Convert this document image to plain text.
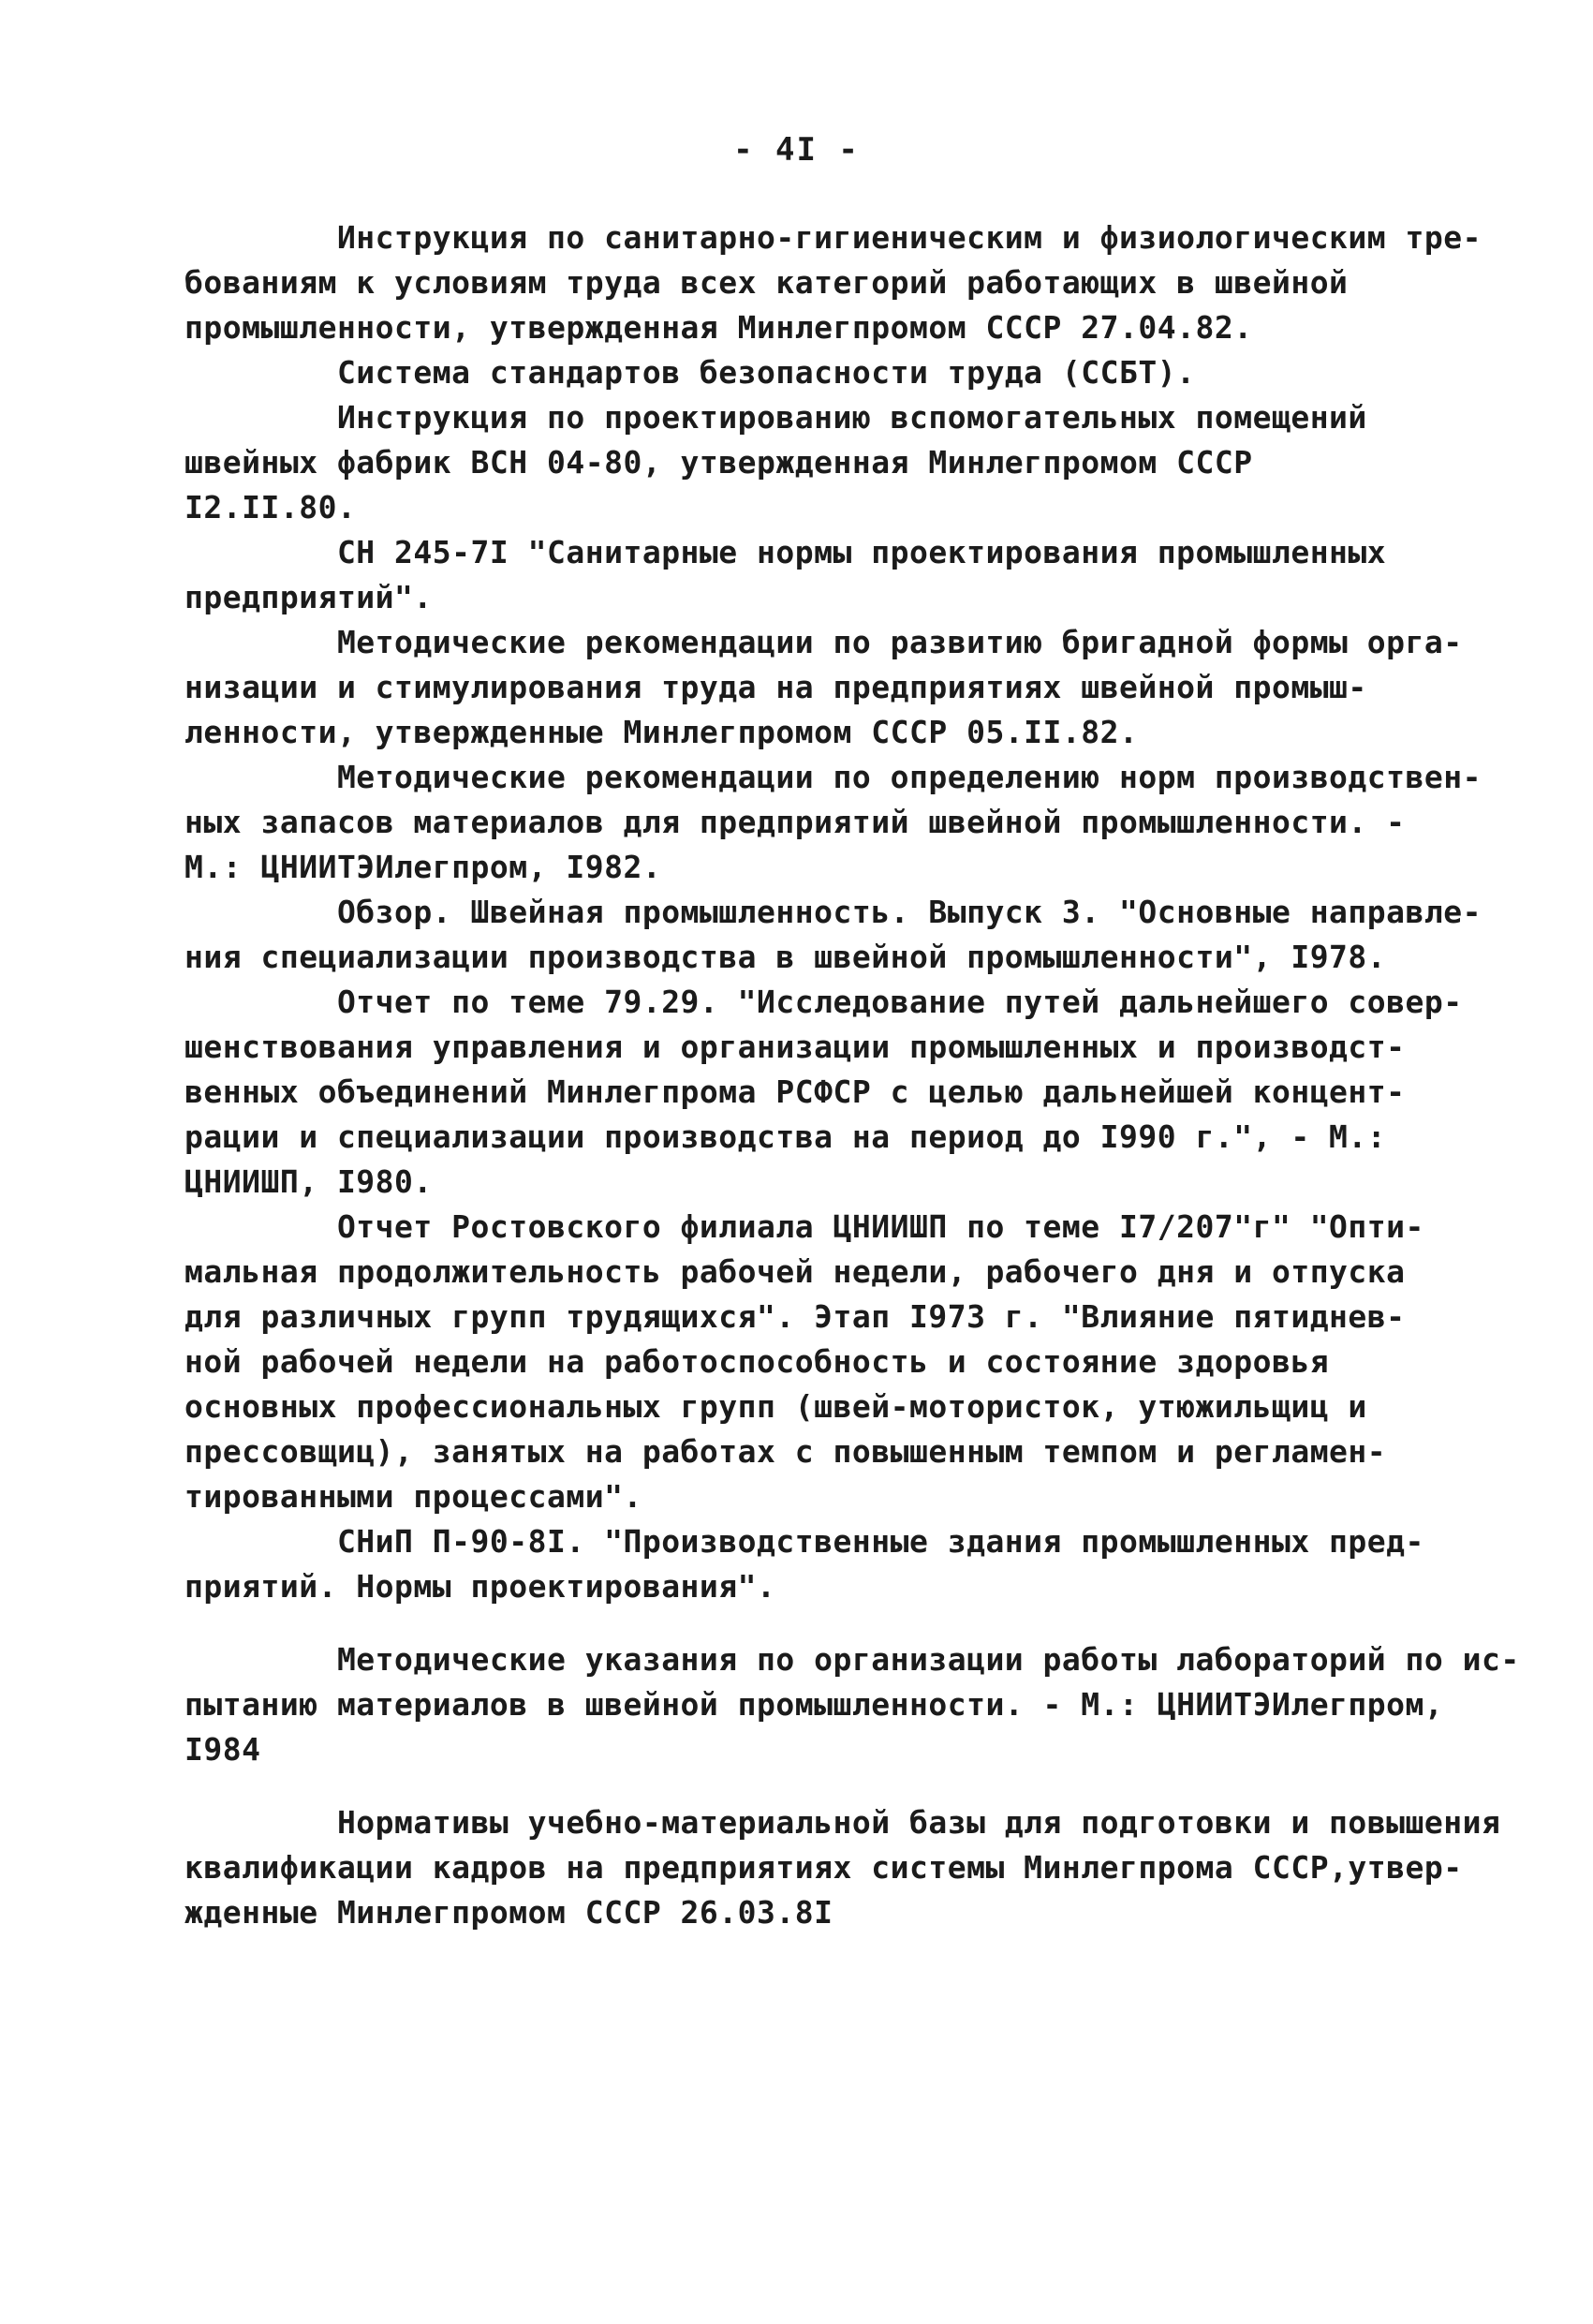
- 4I -
Инструкция по санитарно-гигиеническим и физиологическим тре-
бованиям к условиям труда всех категорий работающих в швейной
промышленности, утвержденная Минлегпромом СССР 27.04.82.
Система стандартов безопасности труда (ССБТ).
Инструкция по проектированию вспомогательных помещений
швейных фабрик ВСН 04-80, утвержденная Минлегпромом СССР
I2.II.80.
СН 245-7I "Санитарные нормы проектирования промышленных
предприятий".
Методические рекомендации по развитию бригадной формы орга-
низации и стимулирования труда на предприятиях швейной промыш-
ленности, утвержденные Минлегпромом СССР 05.II.82.
Методические рекомендации по определению норм производствен-
ных запасов материалов для предприятий швейной промышленности. -
М.: ЦНИИТЭИлегпром, I982.
Обзор. Швейная промышленность. Выпуск 3. "Основные направле-
ния специализации производства в швейной промышленности", I978.
Отчет по теме 79.29. "Исследование путей дальнейшего совер-
шенствования управления и организации промышленных и производст-
венных объединений Минлегпрома РСФСР с целью дальнейшей концент-
рации и специализации производства на период до I990 г.", - М.:
ЦНИИШП, I980.
Отчет Ростовского филиала ЦНИИШП по теме I7/207"г" "Опти-
мальная продолжительность рабочей недели, рабочего дня и отпуска
для различных групп трудящихся". Этап I973 г. "Влияние пятиднев-
ной рабочей недели на работоспособность и состояние здоровья
основных профессиональных групп (швей-мотористок, утюжильщиц и
прессовщиц), занятых на работах с повышенным темпом и регламен-
тированными процессами".
СНиП П-90-8I. "Производственные здания промышленных пред-
приятий. Нормы проектирования".
Методические указания по организации работы лабораторий по ис-
пытанию материалов в швейной промышленности. - М.: ЦНИИТЭИлегпром,
I984
Нормативы учебно-материальной базы для подготовки и повышения
квалификации кадров на предприятиях системы Минлегпрома СССР,утвер-
жденные Минлегпромом СССР 26.03.8I
